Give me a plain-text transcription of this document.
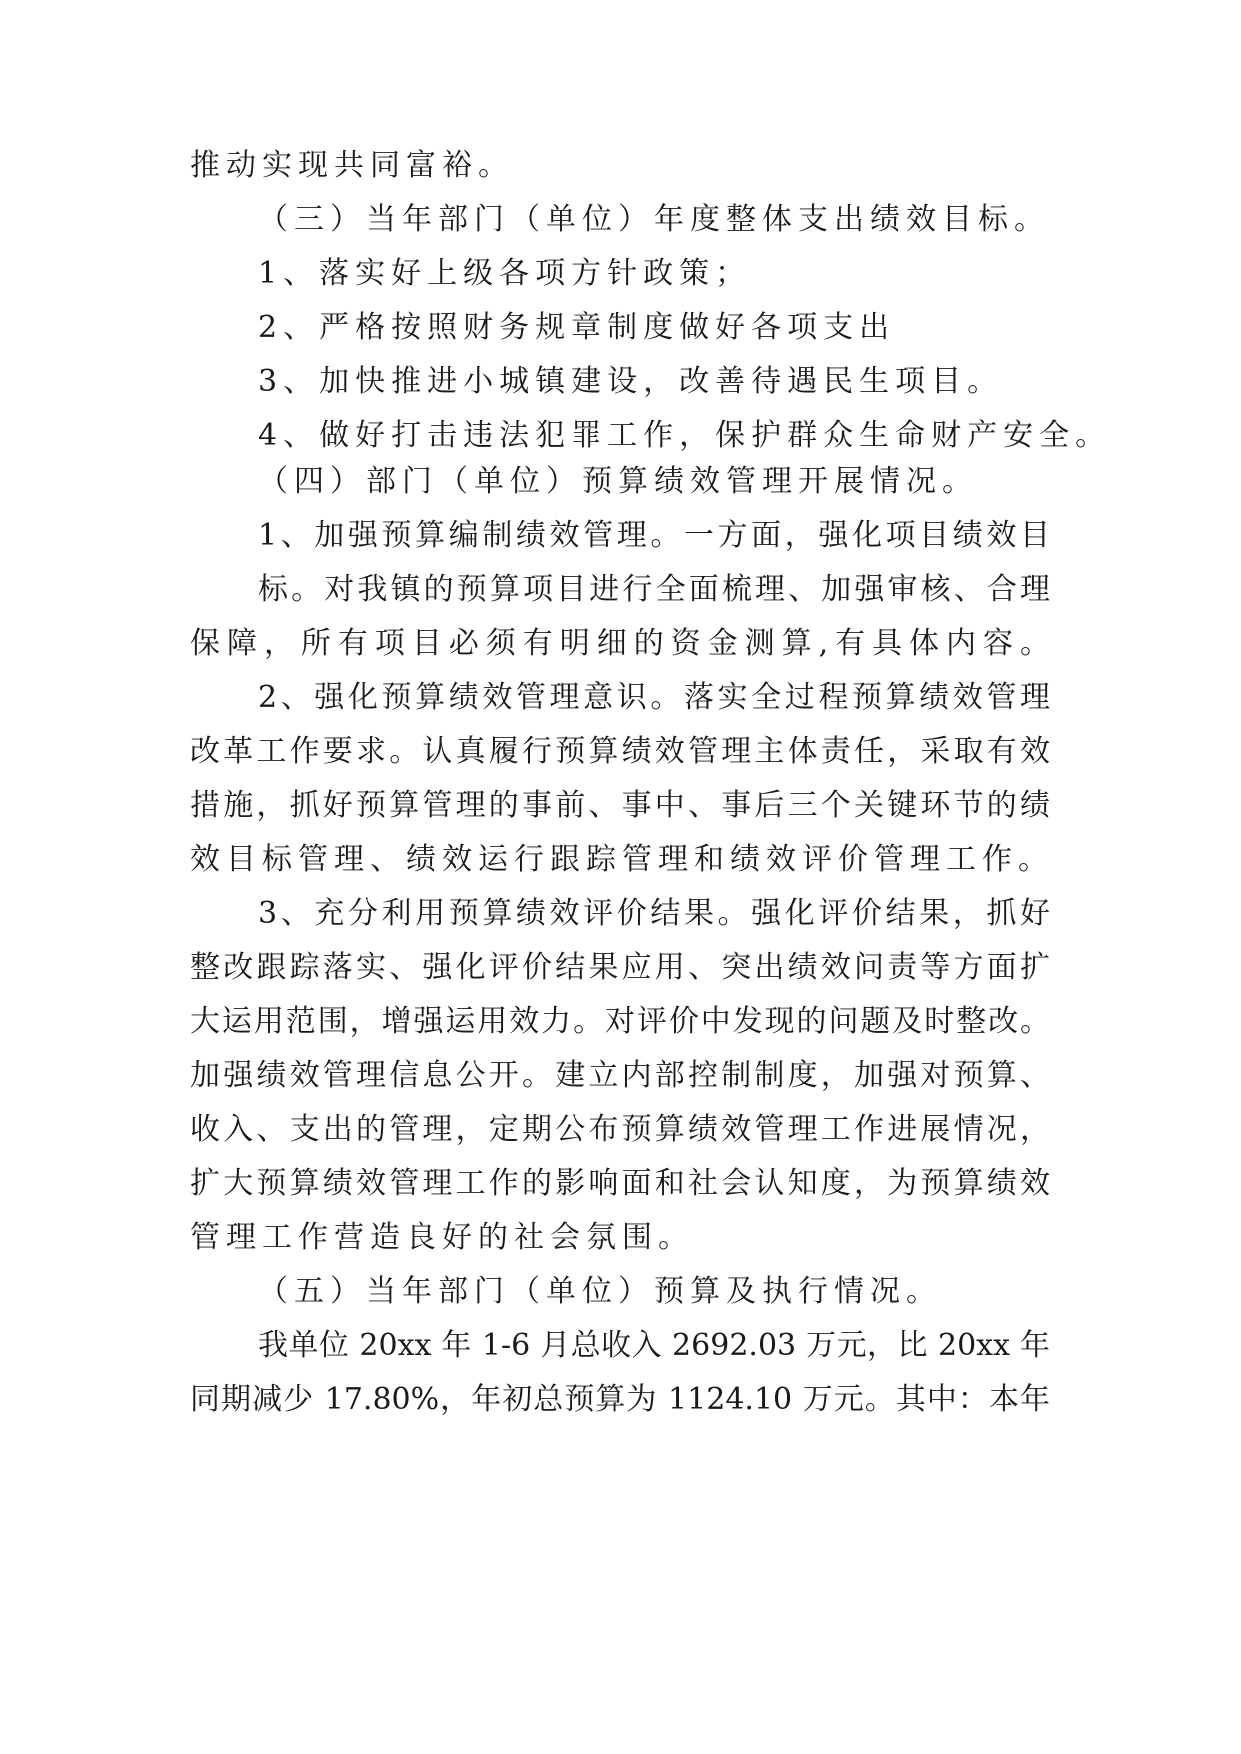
推动实现共同富裕。
（三）当年部门（单位）年度整体支出绩效目标。
1、落实好上级各项方针政策；
2、严格按照财务规章制度做好各项支出
3、加快推进小城镇建设，改善待遇民生项目。
4、做好打击违法犯罪工作，保护群众生命财产安全。
（四）部门（单位）预算绩效管理开展情况。
1、加强预算编制绩效管理。一方面，强化项目绩效目
标。对我镇的预算项目进行全面梳理、加强审核、合理
保障，所有项目必须有明细的资金测算,有具体内容。
2、强化预算绩效管理意识。落实全过程预算绩效管理
改革工作要求。认真履行预算绩效管理主体责任，采取有效
措施，抓好预算管理的事前、事中、事后三个关键环节的绩
效目标管理、绩效运行跟踪管理和绩效评价管理工作。
3、充分利用预算绩效评价结果。强化评价结果，抓好
整改跟踪落实、强化评价结果应用、突出绩效问责等方面扩
大运用范围，增强运用效力。对评价中发现的问题及时整改。
加强绩效管理信息公开。建立内部控制制度，加强对预算、
收入、支出的管理，定期公布预算绩效管理工作进展情况，
扩大预算绩效管理工作的影响面和社会认知度，为预算绩效
管理工作营造良好的社会氛围。
（五）当年部门（单位）预算及执行情况。
我单位 20xx 年 1-6 月总收入 2692.03 万元，比 20xx 年
同期减少 17.80%，年初总预算为 1124.10 万元。其中：本年
